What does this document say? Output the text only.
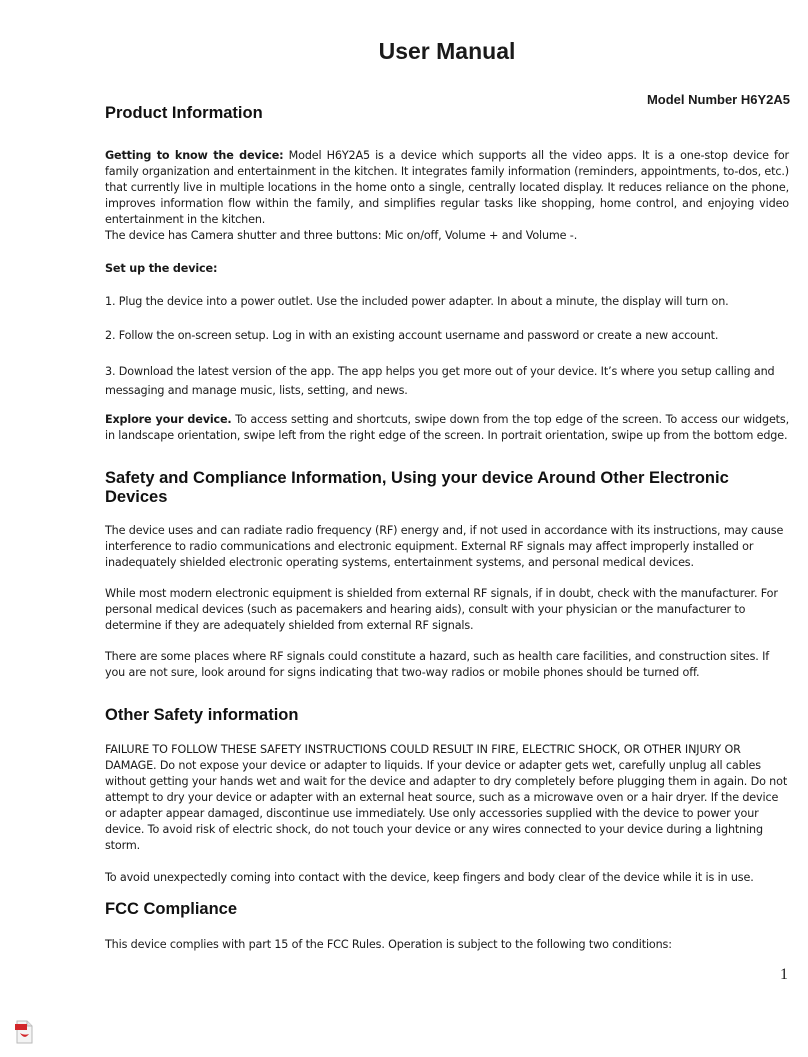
User Manual
Model Number H6Y2A5
Product Information

Getting to know the device: Model H6Y2A5 is a device which supports all the video apps. It is a one-stop device for family organization and entertainment in the kitchen. It integrates family information (reminders, appointments, to-dos, etc.) that currently live in multiple locations in the home onto a single, centrally located display. It reduces reliance on the phone, improves information flow within the family, and simplifies regular tasks like shopping, home control, and enjoying video entertainment in the kitchen.

The device has Camera shutter and three buttons: Mic on/off, Volume + and Volume -.

Set up the device:

1. Plug the device into a power outlet. Use the included power adapter. In about a minute, the display will turn on.

2. Follow the on-screen setup. Log in with an existing account username and password or create a new account.

3. Download the latest version of the app. The app helps you get more out of your device. It’s where you setup calling and messaging and manage music, lists, setting, and news.

Explore your device. To access setting and shortcuts, swipe down from the top edge of the screen. To access our widgets, in landscape orientation, swipe left from the right edge of the screen. In portrait orientation, swipe up from the bottom edge.

Safety and Compliance Information, Using your device Around Other Electronic Devices

The device uses and can radiate radio frequency (RF) energy and, if not used in accordance with its instructions, may cause interference to radio communications and electronic equipment. External RF signals may affect improperly installed or inadequately shielded electronic operating systems, entertainment systems, and personal medical devices.

While most modern electronic equipment is shielded from external RF signals, if in doubt, check with the manufacturer. For personal medical devices (such as pacemakers and hearing aids), consult with your physician or the manufacturer to determine if they are adequately shielded from external RF signals.

There are some places where RF signals could constitute a hazard, such as health care facilities, and construction sites. If you are not sure, look around for signs indicating that two-way radios or mobile phones should be turned off.

Other Safety information

FAILURE TO FOLLOW THESE SAFETY INSTRUCTIONS COULD RESULT IN FIRE, ELECTRIC SHOCK, OR OTHER INJURY OR DAMAGE. Do not expose your device or adapter to liquids. If your device or adapter gets wet, carefully unplug all cables without getting your hands wet and wait for the device and adapter to dry completely before plugging them in again. Do not attempt to dry your device or adapter with an external heat source, such as a microwave oven or a hair dryer. If the device or adapter appear damaged, discontinue use immediately. Use only accessories supplied with the device to power your device. To avoid risk of electric shock, do not touch your device or any wires connected to your device during a lightning storm.

To avoid unexpectedly coming into contact with the device, keep fingers and body clear of the device while it is in use.

FCC Compliance

This device complies with part 15 of the FCC Rules. Operation is subject to the following two conditions:

1
